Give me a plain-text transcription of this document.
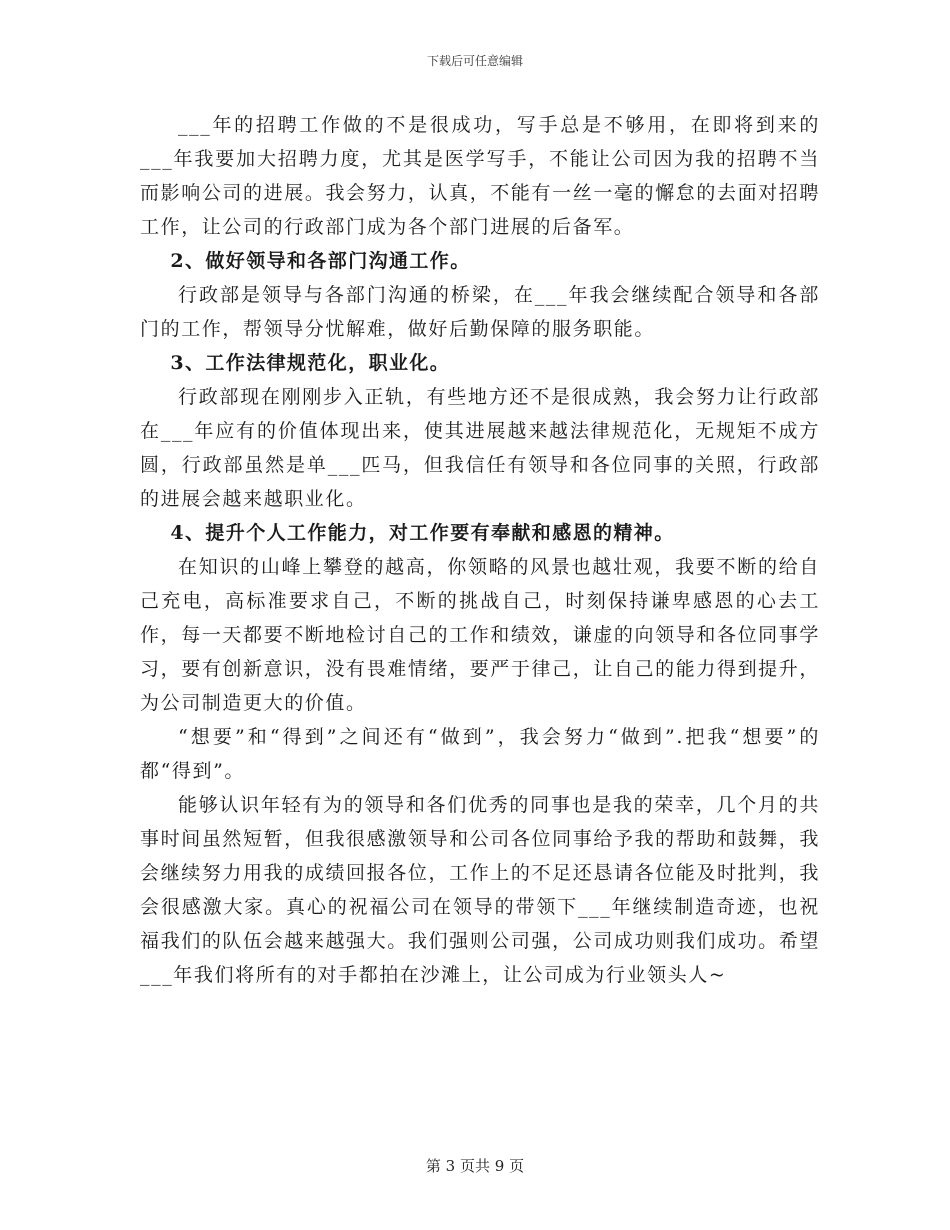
下载后可任意编辑

___年的招聘工作做的不是很成功，写手总是不够用，在即将到来的___年我要加大招聘力度，尤其是医学写手，不能让公司因为我的招聘不当而影响公司的进展。我会努力，认真，不能有一丝一毫的懈怠的去面对招聘工作，让公司的行政部门成为各个部门进展的后备军。

2、做好领导和各部门沟通工作。

行政部是领导与各部门沟通的桥梁，在___年我会继续配合领导和各部门的工作，帮领导分忧解难，做好后勤保障的服务职能。

3、工作法律规范化，职业化。

行政部现在刚刚步入正轨，有些地方还不是很成熟，我会努力让行政部在___年应有的价值体现出来，使其进展越来越法律规范化，无规矩不成方圆，行政部虽然是单___匹马，但我信任有领导和各位同事的关照，行政部的进展会越来越职业化。

4、提升个人工作能力，对工作要有奉献和感恩的精神。

在知识的山峰上攀登的越高，你领略的风景也越壮观，我要不断的给自己充电，高标准要求自己，不断的挑战自己，时刻保持谦卑感恩的心去工作，每一天都要不断地检讨自己的工作和绩效，谦虚的向领导和各位同事学习，要有创新意识，没有畏难情绪，要严于律己，让自己的能力得到提升，为公司制造更大的价值。

“想要”和“得到”之间还有“做到”，我会努力“做到”.把我“想要”的都“得到”。

能够认识年轻有为的领导和各们优秀的同事也是我的荣幸，几个月的共事时间虽然短暂，但我很感激领导和公司各位同事给予我的帮助和鼓舞，我会继续努力用我的成绩回报各位，工作上的不足还恳请各位能及时批判，我会很感激大家。真心的祝福公司在领导的带领下___年继续制造奇迹，也祝福我们的队伍会越来越强大。我们强则公司强，公司成功则我们成功。希望___年我们将所有的对手都拍在沙滩上，让公司成为行业领头人~

第 3 页共 9 页
